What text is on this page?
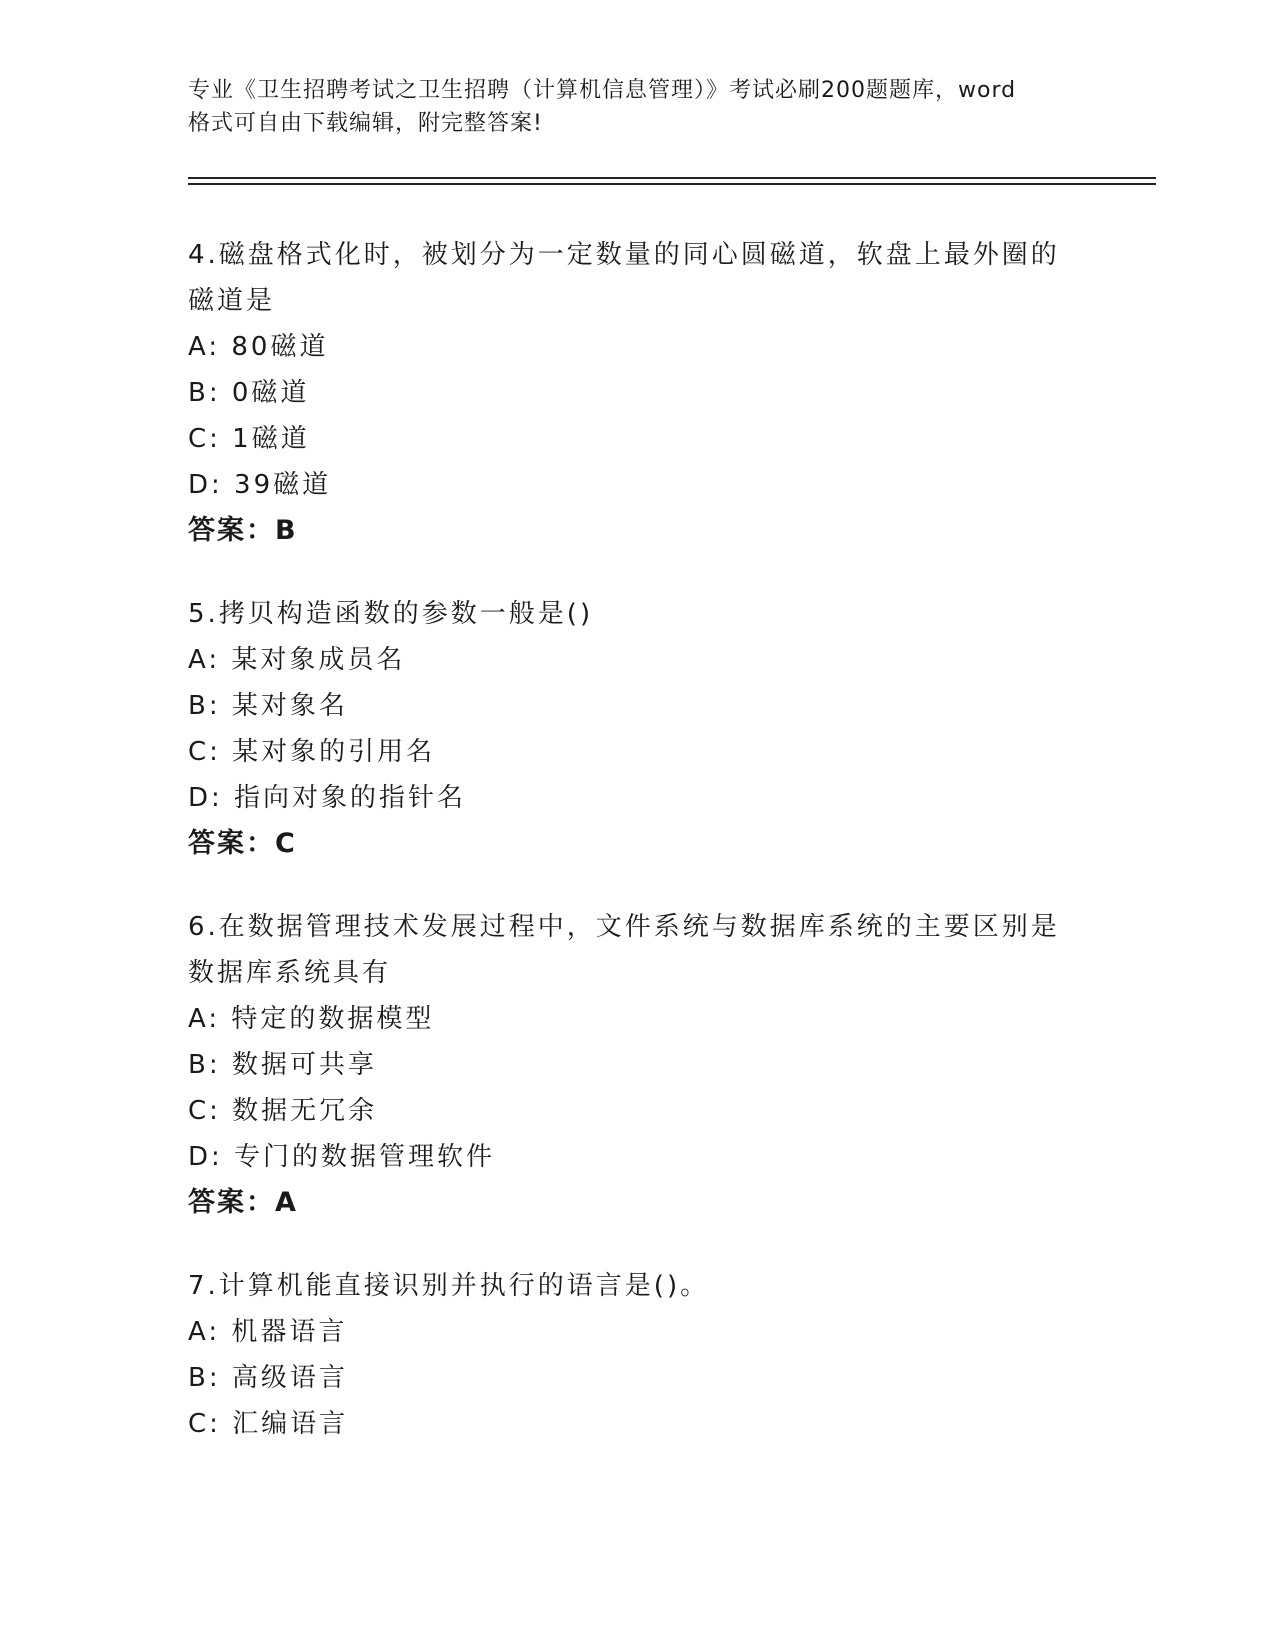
专业《卫生招聘考试之卫生招聘（计算机信息管理）》考试必刷200题题库，word
格式可自由下载编辑，附完整答案!

4.磁盘格式化时，被划分为一定数量的同心圆磁道，软盘上最外圈的

磁道是

A: 80磁道

B: 0磁道

C: 1磁道

D: 39磁道

答案：B

5.拷贝构造函数的参数一般是()

A: 某对象成员名

B: 某对象名

C: 某对象的引用名

D: 指向对象的指针名

答案：C

6.在数据管理技术发展过程中，文件系统与数据库系统的主要区别是

数据库系统具有

A: 特定的数据模型

B: 数据可共享

C: 数据无冗余

D: 专门的数据管理软件

答案：A

7.计算机能直接识别并执行的语言是()。

A: 机器语言

B: 高级语言

C: 汇编语言
